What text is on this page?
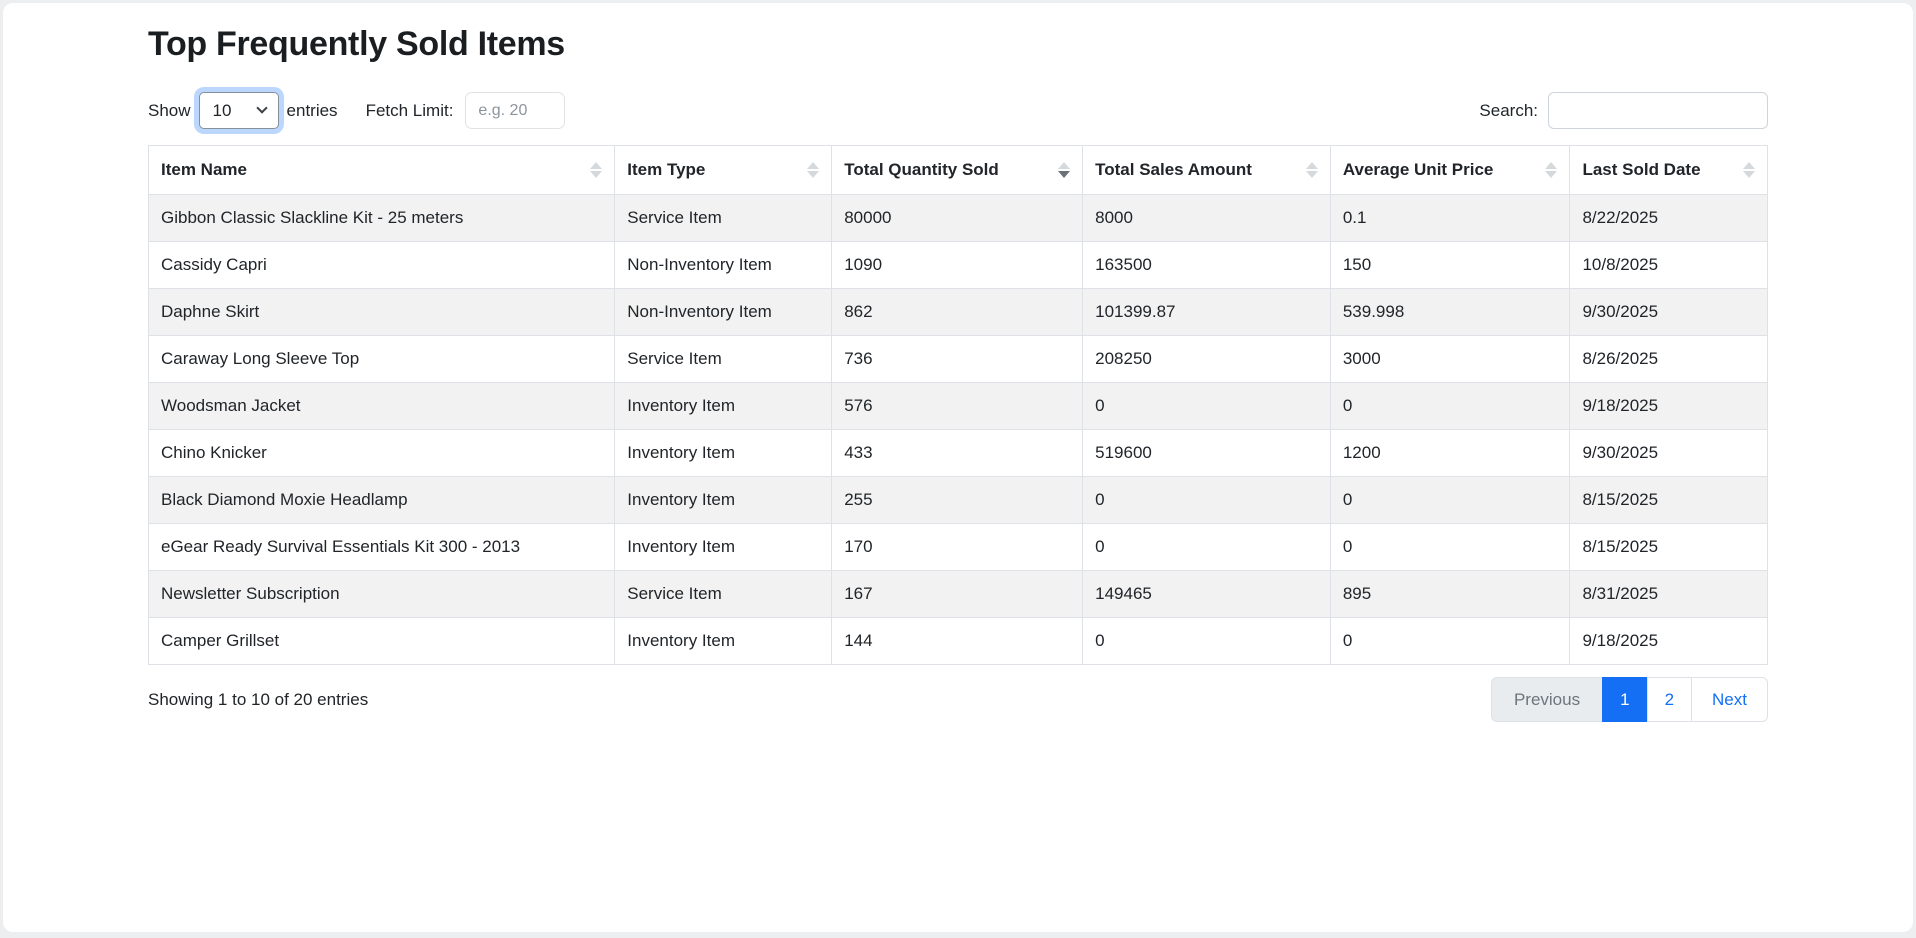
Top Frequently Sold Items
Show
10	entries Fetch Limit:
e.g. 20	Search:
Item Name	Item Type	Total Quantity Sold	Total Sales Amount	Average Unit Price	Last Sold Date

Gibbon Classic Slackline Kit - 25 meters	Service Item	80000	8000	0.1	8/22/2025
Cassidy Capri	Non-Inventory Item	1090	163500	150	10/8/2025
Daphne Skirt	Non-Inventory Item	862	101399.87	539.998	9/30/2025
Caraway Long Sleeve Top	Service Item	736	208250	3000	8/26/2025
Woodsman Jacket	Inventory Item	576	0	0	9/18/2025
Chino Knicker	Inventory Item	433	519600	1200	9/30/2025
Black Diamond Moxie Headlamp	Inventory Item	255	0	0	8/15/2025
eGear Ready Survival Essentials Kit 300 - 2013	Inventory Item	170	0	0	8/15/2025
Newsletter Subscription	Service Item	167	149465	895	8/31/2025
Camper Grillset	Inventory Item	144	0	0	9/18/2025
Showing 1 to 10 of 20 entries	Previous	1	2	Next
